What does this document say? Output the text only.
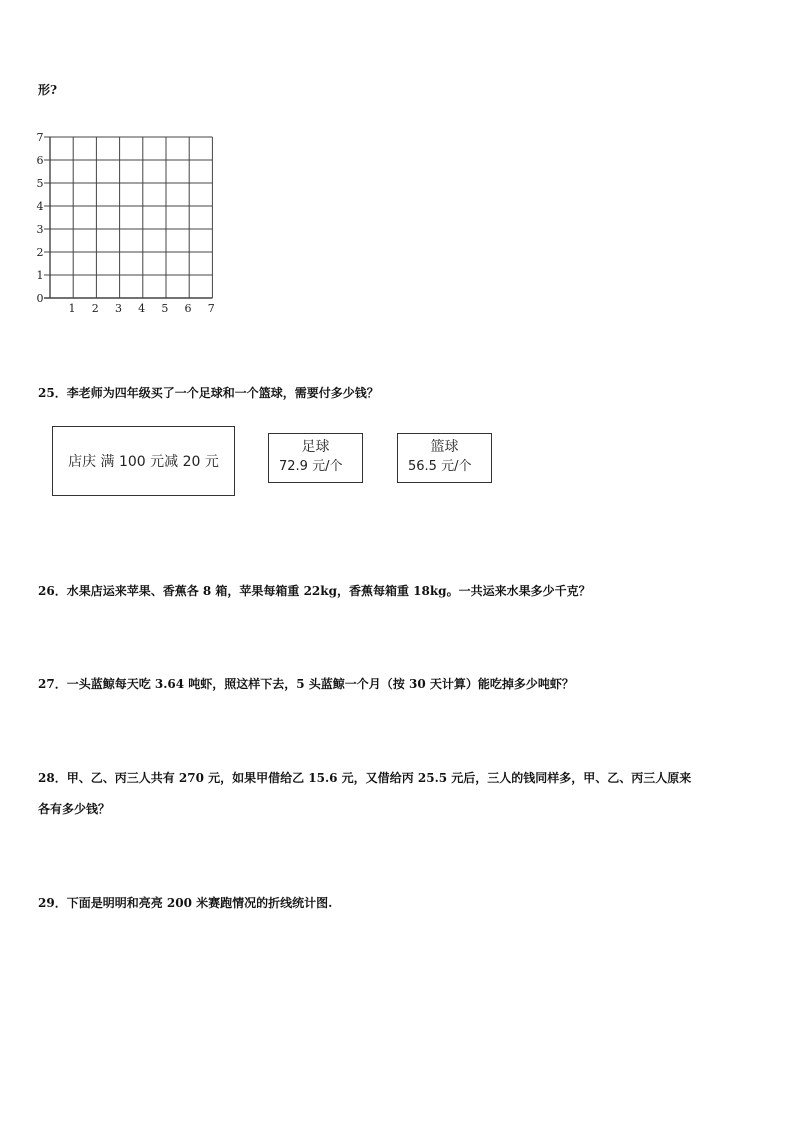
形?
0
1
2
3
4
5
6
7
1 2 3 4 5 6 7
25．李老师为四年级买了一个足球和一个篮球，需要付多少钱？
店庆 满 100 元减 20 元
足球
72.9 元/个
篮球
56.5 元/个
26．水果店运来苹果、香蕉各 8 箱，苹果每箱重 22kg，香蕉每箱重 18kg。一共运来水果多少千克？
27．一头蓝鲸每天吃 3.64 吨虾，照这样下去，5 头蓝鲸一个月（按 30 天计算）能吃掉多少吨虾？
28．甲、乙、丙三人共有 270 元，如果甲借给乙 15.6 元，又借给丙 25.5 元后，三人的钱同样多，甲、乙、丙三人原来
各有多少钱？
29．下面是明明和亮亮 200 米赛跑情况的折线统计图.
